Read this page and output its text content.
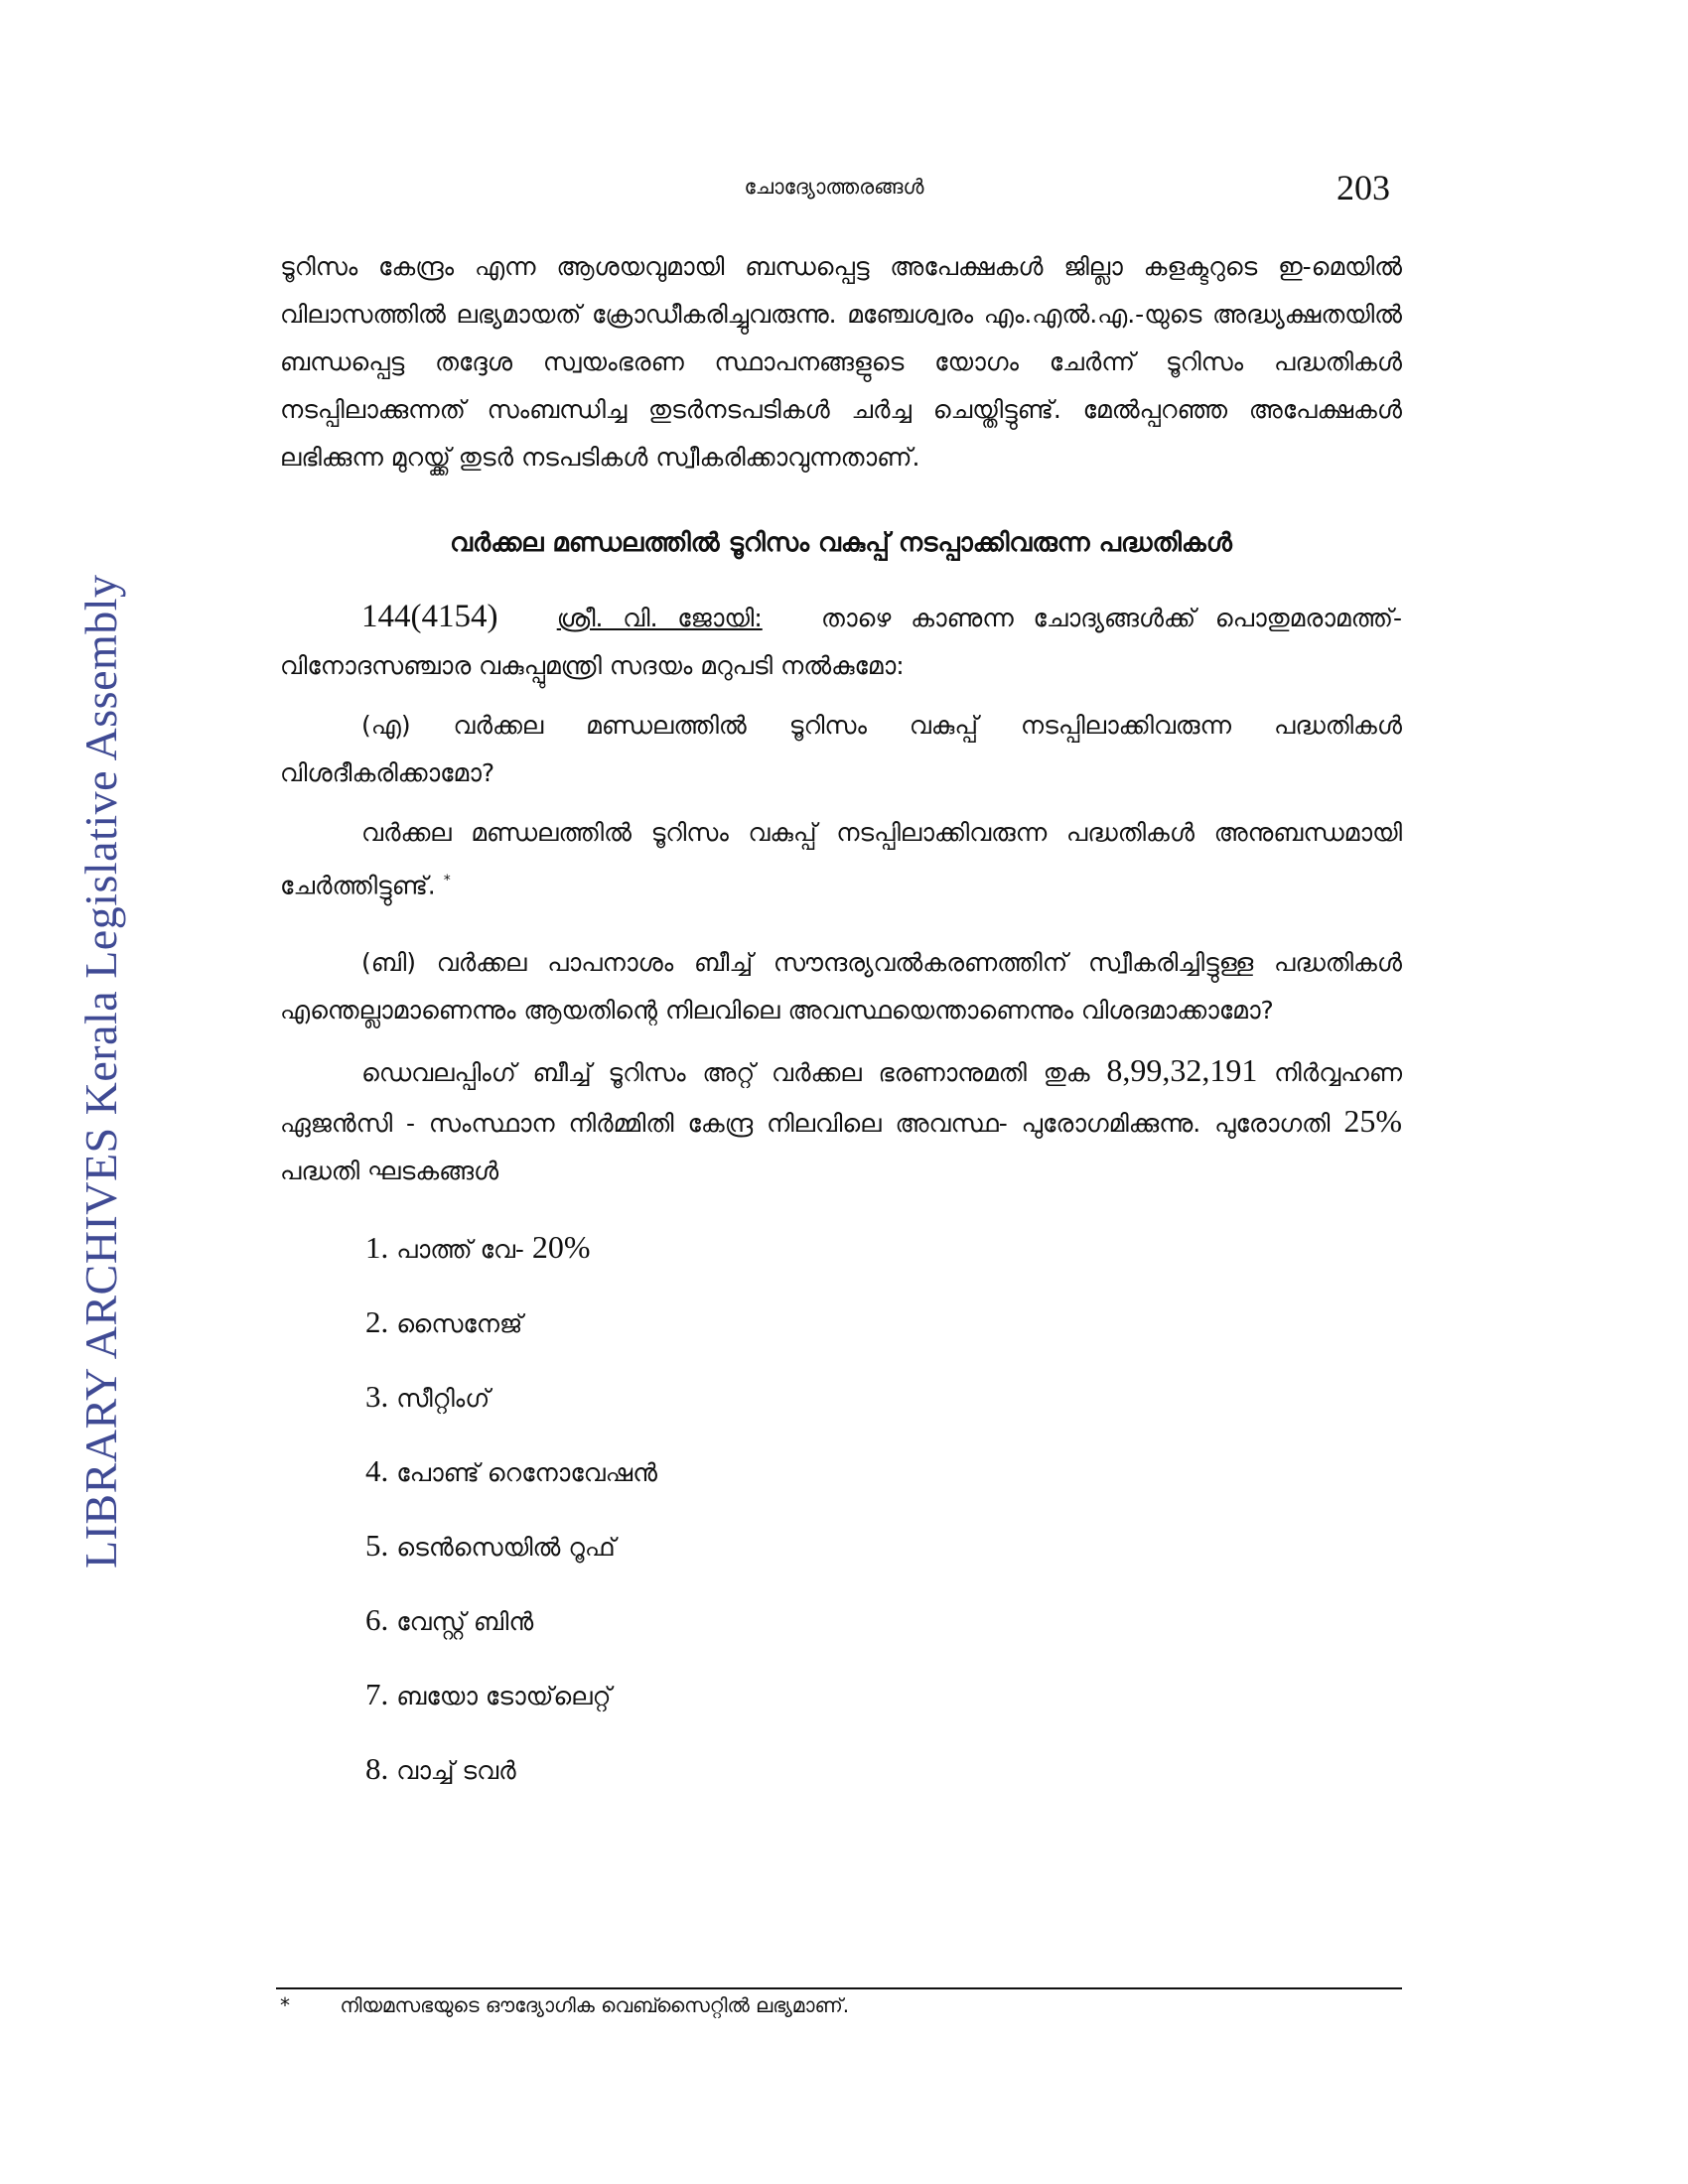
LIBRARY ARCHIVES Kerala Legislative Assembly
ചോദ്യോത്തരങ്ങൾ	203

ടൂറിസം കേന്ദ്രം എന്ന ആശയവുമായി ബന്ധപ്പെട്ട അപേക്ഷകൾ ജില്ലാ കളക്ടറുടെ ഇ-മെയിൽ വിലാസത്തിൽ ലഭ്യമായത് ക്രോഡീകരിച്ചുവരുന്നു. മഞ്ചേശ്വരം എം.എൽ.എ.-യുടെ അദ്ധ്യക്ഷതയിൽ ബന്ധപ്പെട്ട തദ്ദേശ സ്വയംഭരണ സ്ഥാപനങ്ങളുടെ യോഗം ചേർന്ന് ടൂറിസം പദ്ധതികൾ നടപ്പിലാക്കുന്നത് സംബന്ധിച്ച തുടർനടപടികൾ ചർച്ച ചെയ്തിട്ടുണ്ട്. മേൽപ്പറഞ്ഞ അപേക്ഷകൾ ലഭിക്കുന്ന മുറയ്ക്ക് തുടർ നടപടികൾ സ്വീകരിക്കാവുന്നതാണ്.

വർക്കല മണ്ഡലത്തിൽ ടൂറിസം വകുപ്പ് നടപ്പാക്കിവരുന്ന പദ്ധതികൾ

144(4154) ശ്രീ. വി. ജോയി: താഴെ കാണുന്ന ചോദ്യങ്ങൾക്ക് പൊതുമരാമത്ത്-വിനോദസഞ്ചാര വകുപ്പുമന്ത്രി സദയം മറുപടി നൽകുമോ:

(എ) വർക്കല മണ്ഡലത്തിൽ ടൂറിസം വകുപ്പ് നടപ്പിലാക്കിവരുന്ന പദ്ധതികൾ വിശദീകരിക്കാമോ?

വർക്കല മണ്ഡലത്തിൽ ടൂറിസം വകുപ്പ് നടപ്പിലാക്കിവരുന്ന പദ്ധതികൾ അനുബന്ധമായി ചേർത്തിട്ടുണ്ട്. *

(ബി) വർക്കല പാപനാശം ബീച്ച് സൗന്ദര്യവൽകരണത്തിന് സ്വീകരിച്ചിട്ടുള്ള പദ്ധതികൾ എന്തെല്ലാമാണെന്നും ആയതിന്റെ നിലവിലെ അവസ്ഥയെന്താണെന്നും വിശദമാക്കാമോ?

ഡെവലപ്പിംഗ് ബീച്ച് ടൂറിസം അറ്റ് വർക്കല ഭരണാനുമതി തുക 8,99,32,191 നിർവ്വഹണ ഏജൻസി - സംസ്ഥാന നിർമ്മിതി കേന്ദ്ര നിലവിലെ അവസ്ഥ- പുരോഗമിക്കുന്നു. പുരോഗതി 25% പദ്ധതി ഘടകങ്ങൾ

1. പാത്ത് വേ- 20%
2. സൈനേജ്
3. സീറ്റിംഗ്
4. പോണ്ട് റെനോവേഷൻ
5. ടെൻസെയിൽ റൂഫ്
6. വേസ്റ്റ് ബിൻ
7. ബയോ ടോയ്‌ലെറ്റ്
8. വാച്ച് ടവർ
*	നിയമസഭയുടെ ഔദ്യോഗിക വെബ്സൈറ്റിൽ ലഭ്യമാണ്.
